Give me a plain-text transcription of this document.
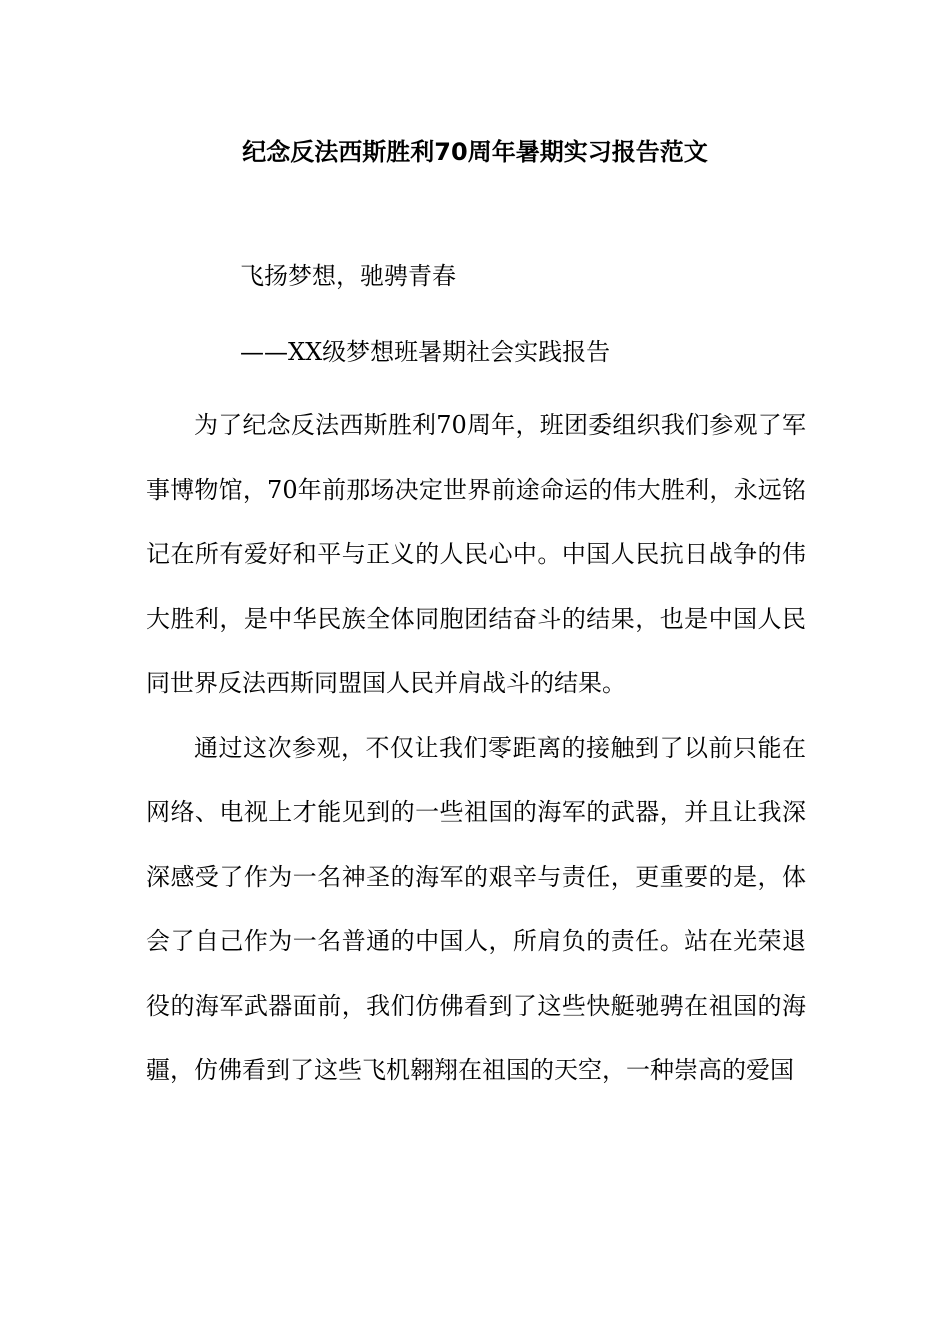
纪念反法西斯胜利70周年暑期实习报告范文

飞扬梦想，驰骋青春

——XX级梦想班暑期社会实践报告

为了纪念反法西斯胜利70周年，班团委组织我们参观了军事博物馆，70年前那场决定世界前途命运的伟大胜利，永远铭记在所有爱好和平与正义的人民心中。中国人民抗日战争的伟大胜利，是中华民族全体同胞团结奋斗的结果，也是中国人民同世界反法西斯同盟国人民并肩战斗的结果。

通过这次参观，不仅让我们零距离的接触到了以前只能在网络、电视上才能见到的一些祖国的海军的武器，并且让我深深感受了作为一名神圣的海军的艰辛与责任，更重要的是，体会了自己作为一名普通的中国人，所肩负的责任。站在光荣退役的海军武器面前，我们仿佛看到了这些快艇驰骋在祖国的海疆，仿佛看到了这些飞机翱翔在祖国的天空，一种崇高的爱国
